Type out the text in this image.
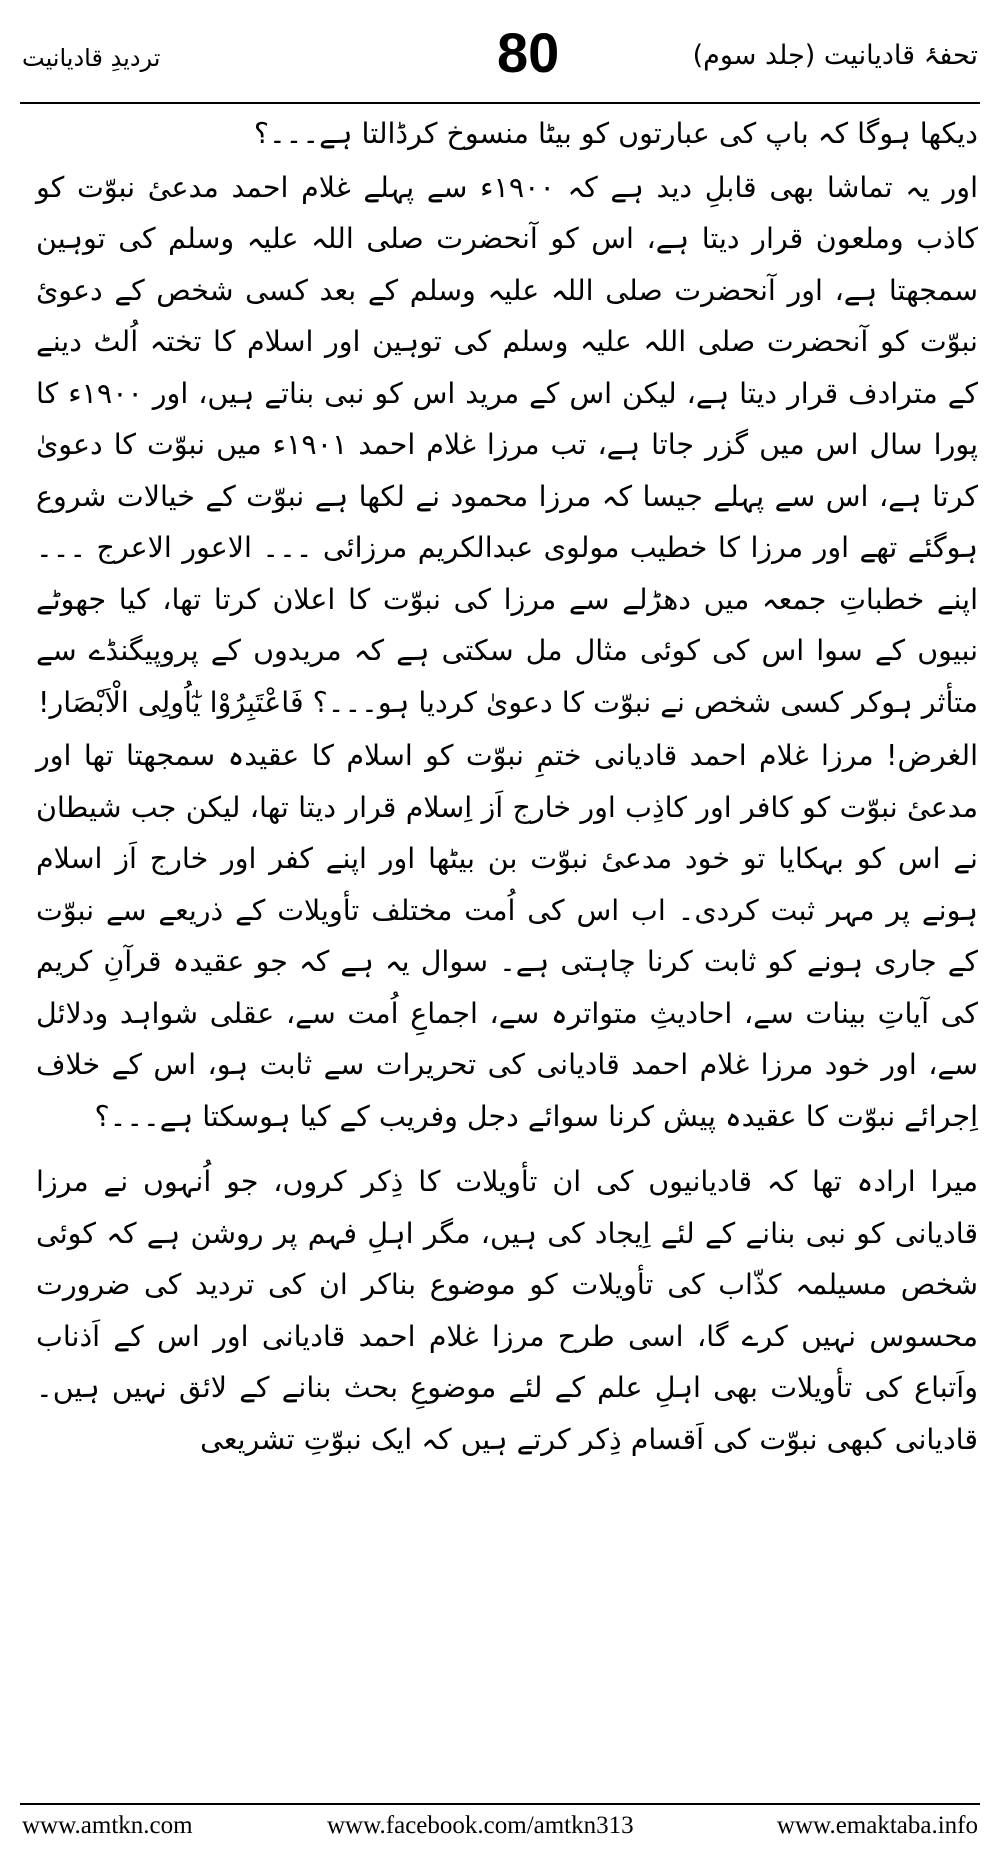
تحفۂ قادیانیت (جلد سوم)
80
تردیدِ قادیانیت

دیکھا ہوگا کہ باپ کی عبارتوں کو بیٹا منسوخ کرڈالتا ہے۔۔۔؟

اور یہ تماشا بھی قابلِ دید ہے کہ ۱۹۰۰ء سے پہلے غلام احمد مدعیٔ نبوّت کو کاذب وملعون قرار دیتا ہے، اس کو آنحضرت صلی اللہ علیہ وسلم کی توہین سمجھتا ہے، اور آنحضرت صلی اللہ علیہ وسلم کے بعد کسی شخص کے دعویٔ نبوّت کو آنحضرت صلی اللہ علیہ وسلم کی توہین اور اسلام کا تختہ اُلٹ دینے کے مترادف قرار دیتا ہے، لیکن اس کے مرید اس کو نبی بناتے ہیں، اور ۱۹۰۰ء کا پورا سال اس میں گزر جاتا ہے، تب مرزا غلام احمد ۱۹۰۱ء میں نبوّت کا دعویٰ کرتا ہے، اس سے پہلے جیسا کہ مرزا محمود نے لکھا ہے نبوّت کے خیالات شروع ہوگئے تھے اور مرزا کا خطیب مولوی عبدالکریم مرزائی ۔۔۔ الاعور الاعرج ۔۔۔ اپنے خطباتِ جمعہ میں دھڑلے سے مرزا کی نبوّت کا اعلان کرتا تھا، کیا جھوٹے نبیوں کے سوا اس کی کوئی مثال مل سکتی ہے کہ مریدوں کے پروپیگنڈے سے متأثر ہوکر کسی شخص نے نبوّت کا دعویٰ کردیا ہو۔۔۔؟ فَاعْتَبِرُوْا یٰٓاُولِی الْاَبْصَار!

الغرض! مرزا غلام احمد قادیانی ختمِ نبوّت کو اسلام کا عقیدہ سمجھتا تھا اور مدعیٔ نبوّت کو کافر اور کاذِب اور خارج اَز اِسلام قرار دیتا تھا، لیکن جب شیطان نے اس کو بہکایا تو خود مدعیٔ نبوّت بن بیٹھا اور اپنے کفر اور خارج اَز اسلام ہونے پر مہر ثبت کردی۔ اب اس کی اُمت مختلف تأویلات کے ذریعے سے نبوّت کے جاری ہونے کو ثابت کرنا چاہتی ہے۔ سوال یہ ہے کہ جو عقیدہ قرآنِ کریم کی آیاتِ بینات سے، احادیثِ متواترہ سے، اجماعِ اُمت سے، عقلی شواہد ودلائل سے، اور خود مرزا غلام احمد قادیانی کی تحریرات سے ثابت ہو، اس کے خلاف اِجرائے نبوّت کا عقیدہ پیش کرنا سوائے دجل وفریب کے کیا ہوسکتا ہے۔۔۔؟

میرا ارادہ تھا کہ قادیانیوں کی ان تأویلات کا ذِکر کروں، جو اُنہوں نے مرزا قادیانی کو نبی بنانے کے لئے اِیجاد کی ہیں، مگر اہلِ فہم پر روشن ہے کہ کوئی شخص مسیلمہ کذّاب کی تأویلات کو موضوع بناکر ان کی تردید کی ضرورت محسوس نہیں کرے گا، اسی طرح مرزا غلام احمد قادیانی اور اس کے اَذناب واَتباع کی تأویلات بھی اہلِ علم کے لئے موضوعِ بحث بنانے کے لائق نہیں ہیں۔ قادیانی کبھی نبوّت کی اَقسام ذِکر کرتے ہیں کہ ایک نبوّتِ تشریعی

www.amtkn.com	www.facebook.com/amtkn313	www.emaktaba.info
